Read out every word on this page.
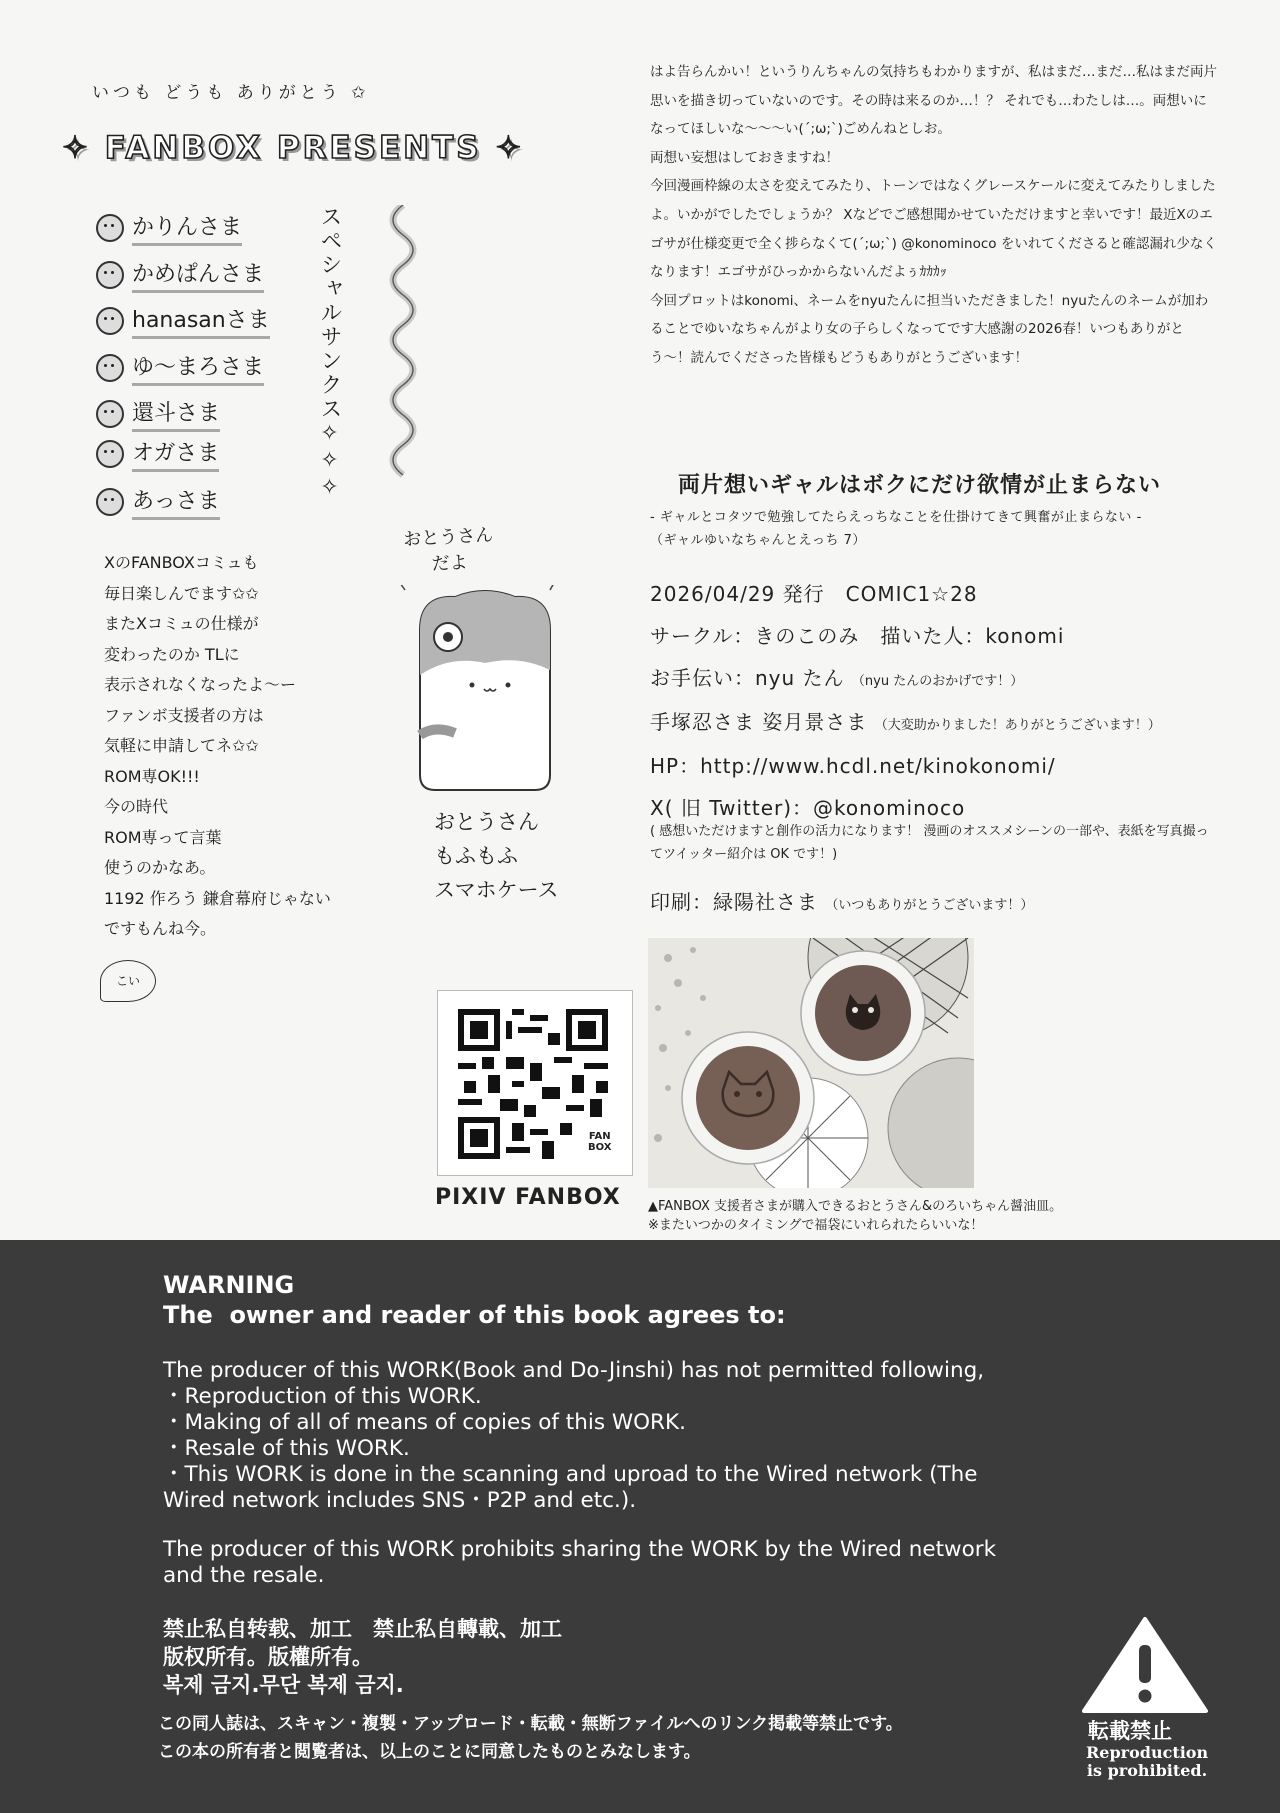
いつも どうも ありがとう ✩
✧ FANBOX PRESENTS ✧
かりんさま
かめぱんさま
hanasanさま
ゆ〜まろさま
還斗さま
オガさま
あっさま	スペシャルサンクス✧✧✧
XのFANBOXコミュも
毎日楽しんでます✩✩
またXコミュの仕様が
変わったのか TLに
表示されなくなったよ〜ー
ファンボ支援者の方は
気軽に申請してネ✩✩
ROM専OK!!!
今の時代
ROM専って言葉
使うのかなあ。
1192 作ろう 鎌倉幕府じゃない
ですもんね今。
こい
おとうさん
だよ
おとうさん
もふもふ
スマホケース
FAN
BOX
PIXIV FANBOX

はよ告らんかい！というりんちゃんの気持ちもわかりますが、私はまだ…まだ…私はまだ両片思いを描き切っていないのです。その時は来るのか…！？ それでも…わたしは…。両想いになってほしいな〜〜〜い(´;ω;`)ごめんねとしお。

両想い妄想はしておきますね！

今回漫画枠線の太さを変えてみたり、トーンではなくグレースケールに変えてみたりしましたよ。いかがでしたでしょうか？ Xなどでご感想聞かせていただけますと幸いです！最近Xのエゴサが仕様変更で全く捗らなくて(´;ω;`) @konominoco をいれてくださると確認漏れ少なくなります！エゴサがひっかからないんだよぅｶｶｶｯ

今回プロットはkonomi、ネームをnyuたんに担当いただきました！nyuたんのネームが加わることでゆいなちゃんがより女の子らしくなってです大感謝の2026春！いつもありがとう〜！読んでくださった皆様もどうもありがとうございます！

両片想いギャルはボクにだけ欲情が止まらない
- ギャルとコタツで勉強してたらえっちなことを仕掛けてきて興奮が止まらない -
（ギャルゆいなちゃんとえっち 7）
2026/04/29 発行　COMIC1☆28
サークル：きのこのみ　描いた人：konomi
お手伝い：nyu たん （nyu たんのおかげです！）
手塚忍さま 姿月景さま （大変助かりました！ありがとうございます！）
HP：http://www.hcdl.net/kinokonomi/
X( 旧 Twitter)：@konominoco
( 感想いただけますと創作の活力になります！ 漫画のオススメシーンの一部や、表紙を写真撮ってツイッター紹介は OK です！)
印刷：緑陽社さま （いつもありがとうございます！）
▲FANBOX 支援者さまが購入できるおとうさん&のろいちゃん醤油皿。
※またいつかのタイミングで福袋にいれられたらいいな！
WARNING
The  owner and reader of this book agrees to:
The producer of this WORK(Book and Do-Jinshi) has not permitted following,
・Reproduction of this WORK.
・Making of all of means of copies of this WORK.
・Resale of this WORK.
・This WORK is done in the scanning and uproad to the Wired network (The
Wired network includes SNS・P2P and etc.).
The producer of this WORK prohibits sharing the WORK by the Wired network
and the resale.
禁止私自转载、加工　禁止私自轉載、加工
版权所有。版權所有。
복제 금지.무단 복제 금지.
この同人誌は、スキャン・複製・アップロード・転載・無断ファイルへのリンク掲載等禁止です。
この本の所有者と閲覧者は、以上のことに同意したものとみなします。
転載禁止
Reproduction
is prohibited.
